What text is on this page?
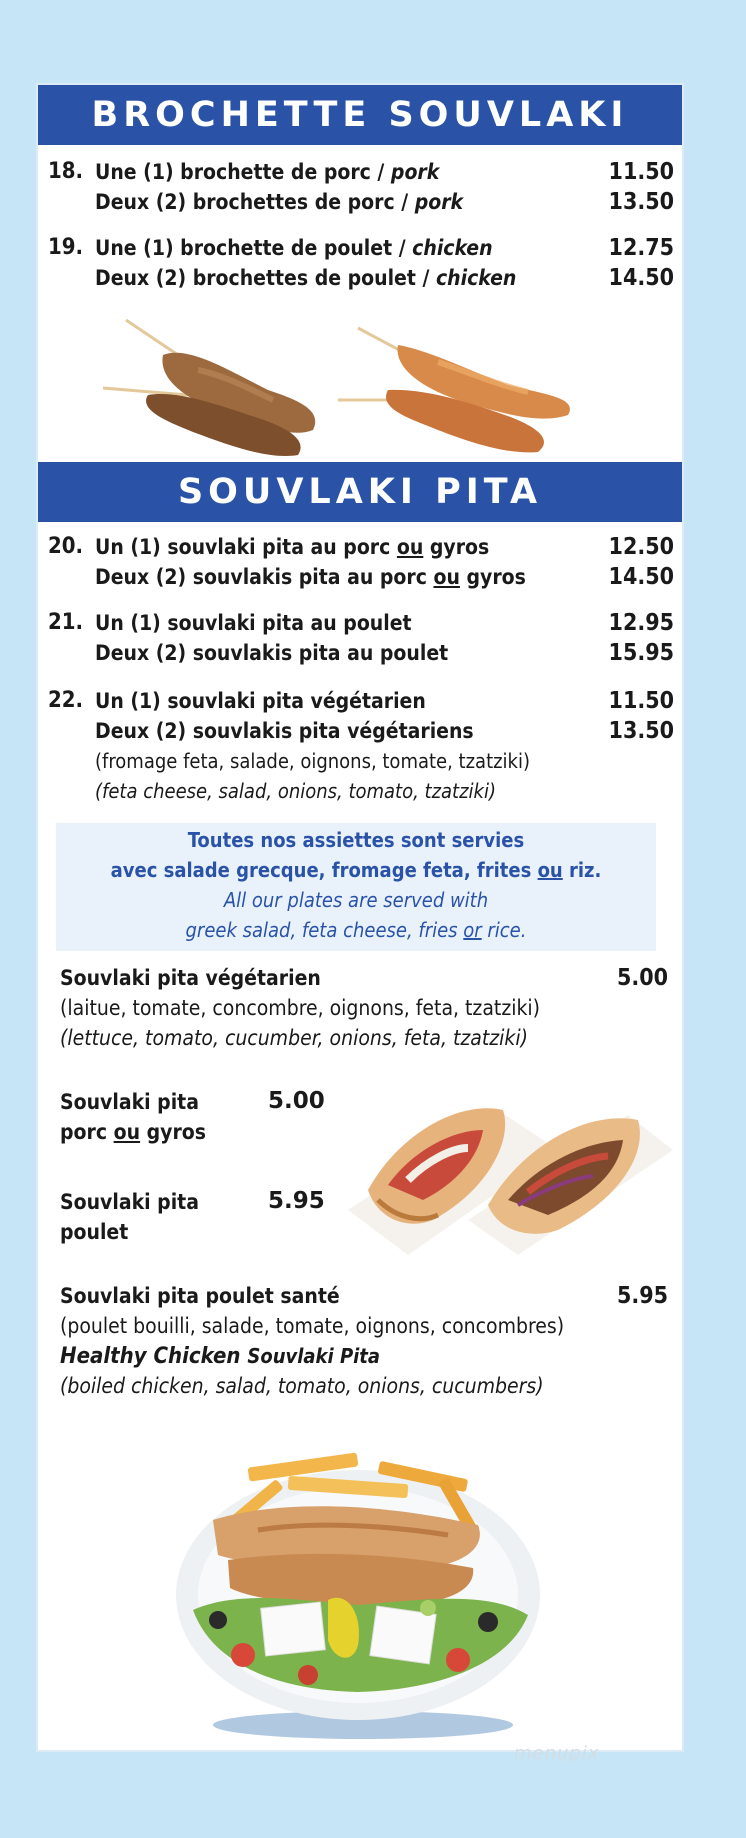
BROCHETTE SOUVLAKI
18. Une (1) brochette de porc / pork	11.50
Deux (2) brochettes de porc / pork	13.50
19. Une (1) brochette de poulet / chicken	12.75
Deux (2) brochettes de poulet / chicken	14.50
SOUVLAKI PITA
20. Un (1) souvlaki pita au porc ou gyros	12.50
Deux (2) souvlakis pita au porc ou gyros	14.50
21. Un (1) souvlaki pita au poulet	12.95
Deux (2) souvlakis pita au poulet	15.95
22. Un (1) souvlaki pita végétarien	11.50
Deux (2) souvlakis pita végétariens	13.50
(fromage feta, salade, oignons, tomate, tzatziki)
(feta cheese, salad, onions, tomato, tzatziki)
Toutes nos assiettes sont servies
avec salade grecque, fromage feta, frites ou riz.
All our plates are served with
greek salad, feta cheese, fries or rice.
Souvlaki pita végétarien	5.00
(laitue, tomate, concombre, oignons, feta, tzatziki)
(lettuce, tomato, cucumber, onions, feta, tzatziki)
Souvlaki pita
porc ou gyros
5.00
Souvlaki pita
poulet
5.95
Souvlaki pita poulet santé	5.95
(poulet bouilli, salade, tomate, oignons, concombres)
Healthy Chicken Souvlaki Pita
(boiled chicken, salad, tomato, onions, cucumbers)
menupix
